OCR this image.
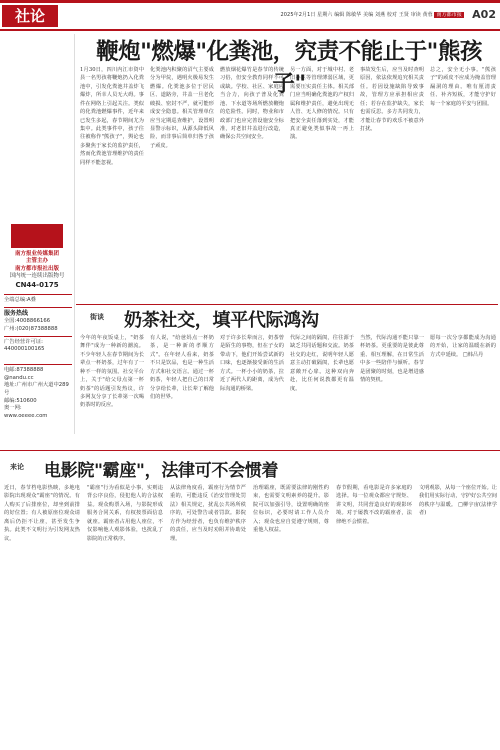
社论	2025年2月1日 星期六 编辑 陈敏华 美编 刘燕 校对 王贤 审读 黄蓉 南方都市报 A02
南方报业传媒集团
主管主办
南方都市报社出版
国内统一连续出版物号
CN44-0175
全端总编:A叠
服务热线
全国:4008866166
广州:(020)87388888
广告经营许可证:
440000100165
电邮:87388888
@nandu.cc
地址:广州市广州大道中289号
邮编:510600
奥一网:
www.oeeee.com
鞭炮"燃爆"化粪池，究责不能止于"熊孩子"
1月30日，四川内江市资中县一名男孩将鞭炮扔入化粪池中，引发化粪池井盖炸飞爆炸，所幸人员无大碍。事件在网络上引起关注。类似的化粪池燃爆事件，近年来已发生多起，春节期间尤为集中。此类事件中，孩子往往被称作"熊孩子"，舆论也多聚焦于家长的监护责任，然而化粪池管理维护的责任同样不能忽视。
化粪池内积聚的沼气主要成分为甲烷，遇明火极易发生燃爆。化粪池多位于居民区、道路旁，井盖一旦老化破损、密封不严，就可能形成安全隐患。相关管理单位应当定期巡查维护，设置明显警示标识，从源头降低风险，而非事后简单归咎于孩子顽皮。
燃放烟花爆竹是春节的传统习俗，但安全教育同样不可或缺。学校、社区、家庭应当合力，向孩子普及化粪池、下水道等场所燃放鞭炮的危险性。同时，物业和市政部门也应完善设施安全标准，对老旧井盖进行改造，确保公共空间安全。
另一方面，对于城中村、老旧小区等管理薄弱区域，更需要压实责任主体。相关部门应当明确化粪池的产权归属和维护责任，避免出现无人管、无人修的情况。只有把安全责任落到实处，才能真正避免类似事故一再上演。
事故发生后，应当及时查明原因，依法依规追究相关责任。若因设施缺陷导致事故，管理方应承担相应责任；若存在监护缺失，家长也需反思。多方共同发力，才能让春节的欢乐不被意外打扰。
总之，安全无小事。"熊孩子"的顽皮不应成为掩盖管理漏洞的理由。唯有厘清责任、补齐短板，才能守护好每一个家庭的平安与团圆。
街谈 奶茶社交，填平代际鸿沟
今年的年夜饭桌上，"奶茶舞伴"成为一种新的潮流。不少年轻人在春节期间为长辈点一杯奶茶，过年有了一种不一样的氛围。社交平台上，关于"给父母点第一杯奶茶"的话题引发热议，许多网友分享了长辈第一次喝奶茶时的反应。
有人说，"给爸妈点一杯奶茶，是一种新的孝顺方式"。在年轻人看来，奶茶不只是饮品，也是一种生活方式和社交语言。通过一杯奶茶，年轻人把自己的日常分享给长辈，让长辈了解他们的世界。
对于许多长辈而言，奶茶曾是陌生的事物，但在子女的带动下，他们开始尝试新的口味，也逐渐接受新的生活方式。一杯小小的奶茶，拉近了两代人的距离，成为代际沟通的桥梁。
代际之间的隔阂，往往源于缺乏共同话题和交流。奶茶社交的走红，说明年轻人愿意主动打破隔阂，长辈也愿意敞开心扉。这种双向奔赴，比任何说教都更有温度。
当然，代际沟通不能只靠一杯奶茶。更重要的是彼此尊重、相互理解，在日常生活中多一些陪伴与倾听。春节是团聚的时刻，也是增进感情的契机。
愿每一次分享都能成为沟通的开始，让家的温暖在新的方式中延续。 □韩吕丹
来论 电影院"霸座"，法律可不会惯着
近日，春节档电影热映，多地电影院出现观众"霸座"的情况。有人购买了后排座位，却坐到前排的好位置；有人被原座位观众请离后仍拒不让座，甚至发生争执。此类不文明行为引发网友热议。
"霸座"行为看似是小事，实则违背公序良俗，侵犯他人的合法权益。观众购票入场，与影院形成服务合同关系，有权按票面信息就座。霸座者占用他人座位，不仅影响他人观影体验，也扰乱了影院的正常秩序。
从法律角度看，霸座行为情节严重的，可能违反《治安管理处罚法》相关规定，扰乱公共场所秩序的，可处警告或者罚款。影院方作为经营者，也负有维护秩序的责任，应当及时劝阻并协助处理。
治理霸座，既需要法律的刚性约束，也需要文明素养的提升。影院可以加强引导，设置明确的座位标识，必要时请工作人员介入；观众也应自觉遵守规则，尊重他人权益。
春节假期，看电影是许多家庭的选择。每一位观众都应守规矩、讲文明，共同营造良好的观影环境。对于屡教不改的霸座者，法律绝不会惯着。
文明观影，从每一个座位开始。让我们用实际行动，守护好公共空间的秩序与温暖。 □柳宇宙(法律学者)
